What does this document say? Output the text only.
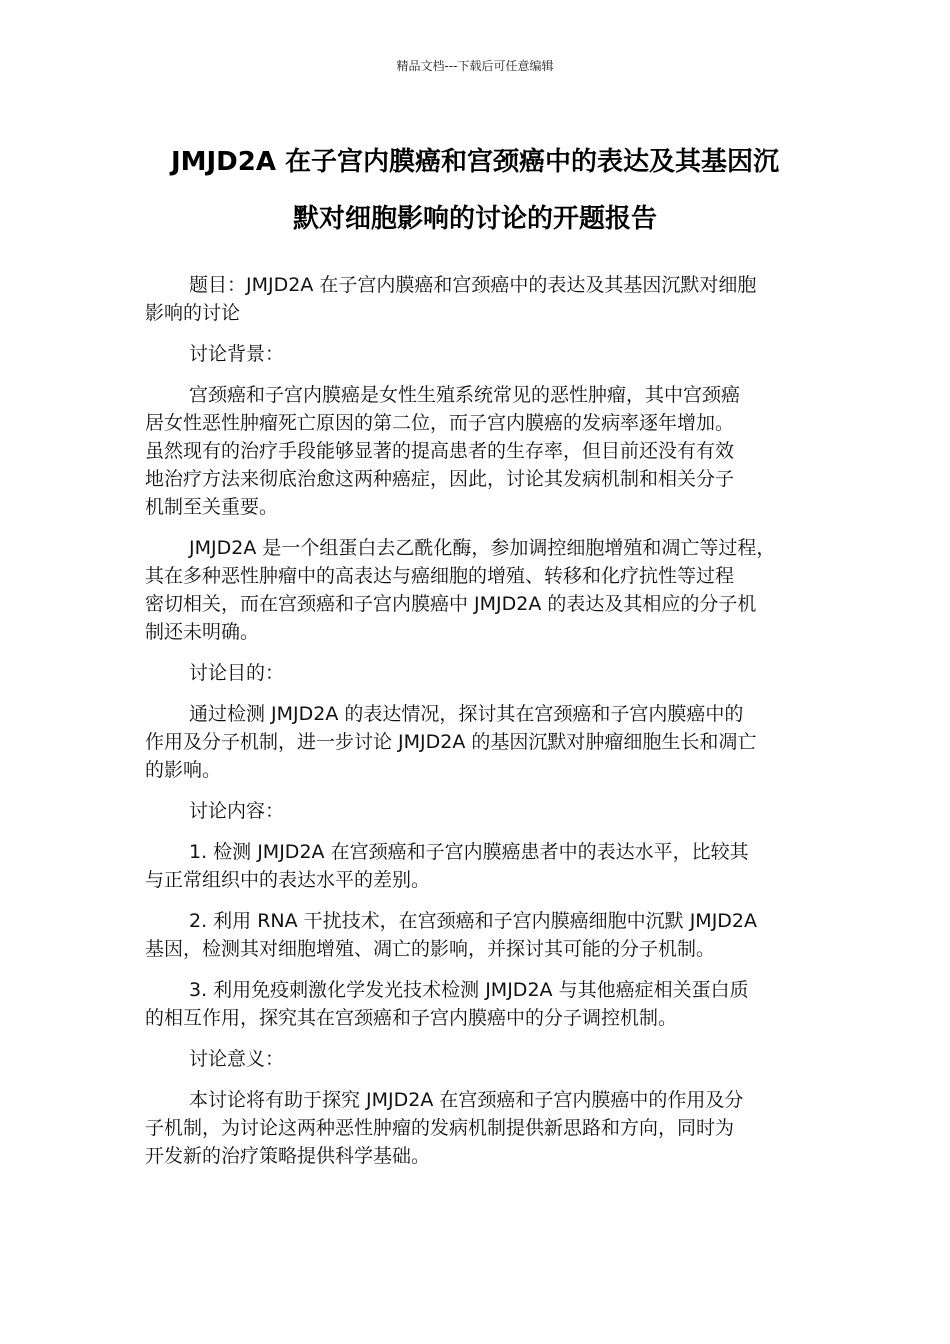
精品文档---下载后可任意编辑
JMJD2A 在子宫内膜癌和宫颈癌中的表达及其基因沉
默对细胞影响的讨论的开题报告

题目：JMJD2A 在子宫内膜癌和宫颈癌中的表达及其基因沉默对细胞
影响的讨论

讨论背景：

宫颈癌和子宫内膜癌是女性生殖系统常见的恶性肿瘤，其中宫颈癌
居女性恶性肿瘤死亡原因的第二位，而子宫内膜癌的发病率逐年增加。
虽然现有的治疗手段能够显著的提高患者的生存率，但目前还没有有效
地治疗方法来彻底治愈这两种癌症，因此，讨论其发病机制和相关分子
机制至关重要。

JMJD2A 是一个组蛋白去乙酰化酶，参加调控细胞增殖和凋亡等过程，
其在多种恶性肿瘤中的高表达与癌细胞的增殖、转移和化疗抗性等过程
密切相关，而在宫颈癌和子宫内膜癌中 JMJD2A 的表达及其相应的分子机
制还未明确。

讨论目的：

通过检测 JMJD2A 的表达情况，探讨其在宫颈癌和子宫内膜癌中的
作用及分子机制，进一步讨论 JMJD2A 的基因沉默对肿瘤细胞生长和凋亡
的影响。

讨论内容：

1. 检测 JMJD2A 在宫颈癌和子宫内膜癌患者中的表达水平，比较其
与正常组织中的表达水平的差别。

2. 利用 RNA 干扰技术，在宫颈癌和子宫内膜癌细胞中沉默 JMJD2A
基因，检测其对细胞增殖、凋亡的影响，并探讨其可能的分子机制。

3. 利用免疫刺激化学发光技术检测 JMJD2A 与其他癌症相关蛋白质
的相互作用，探究其在宫颈癌和子宫内膜癌中的分子调控机制。

讨论意义：

本讨论将有助于探究 JMJD2A 在宫颈癌和子宫内膜癌中的作用及分
子机制，为讨论这两种恶性肿瘤的发病机制提供新思路和方向，同时为
开发新的治疗策略提供科学基础。
